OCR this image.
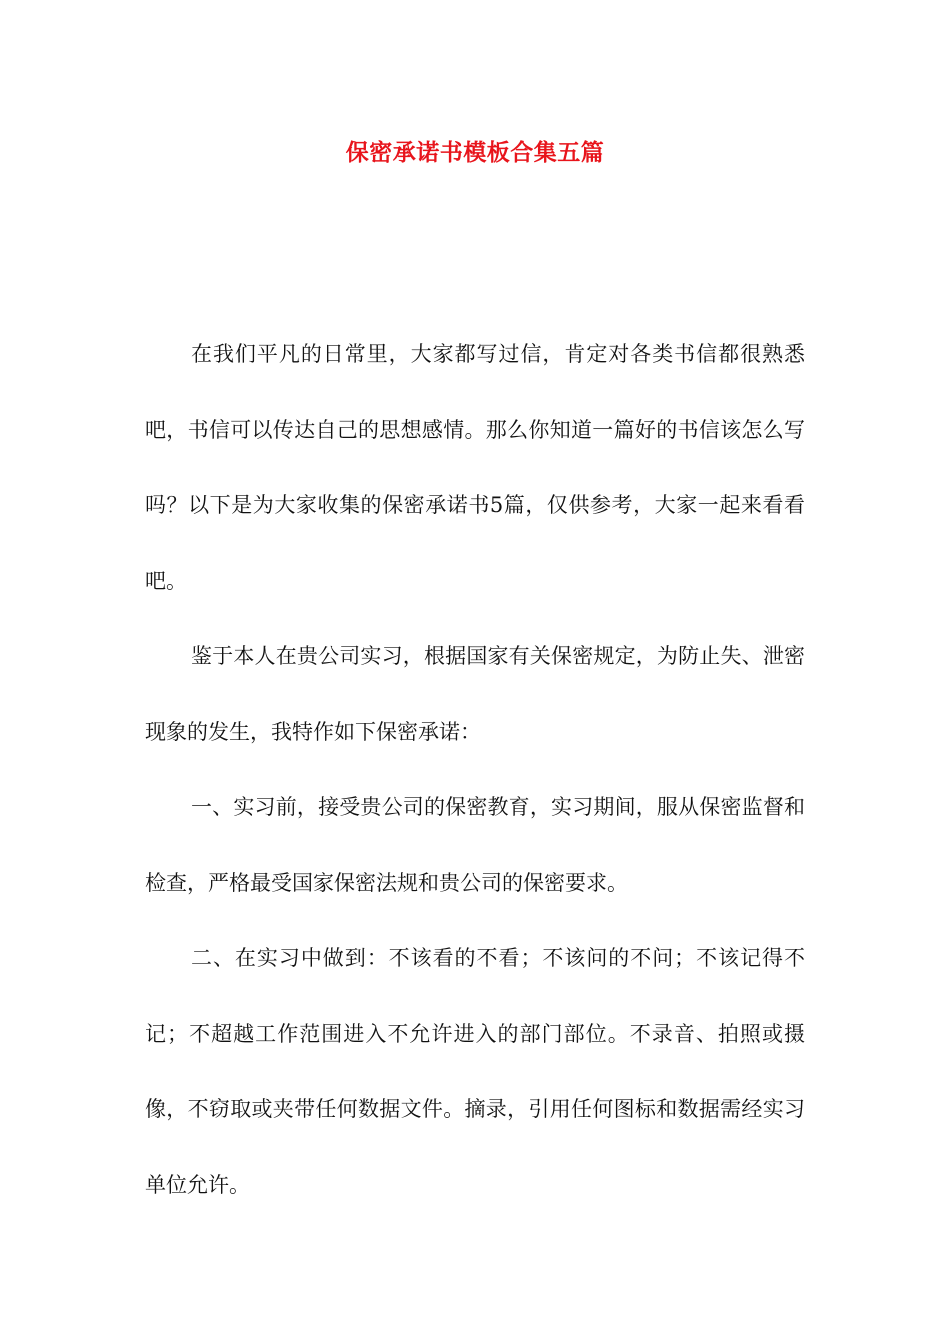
保密承诺书模板合集五篇

在我们平凡的日常里，大家都写过信，肯定对各类书信都很熟悉吧，书信可以传达自己的思想感情。那么你知道一篇好的书信该怎么写吗？以下是为大家收集的保密承诺书5篇，仅供参考，大家一起来看看吧。

鉴于本人在贵公司实习，根据国家有关保密规定，为防止失、泄密现象的发生，我特作如下保密承诺：

一、实习前，接受贵公司的保密教育，实习期间，服从保密监督和检查，严格最受国家保密法规和贵公司的保密要求。

二、在实习中做到：不该看的不看；不该问的不问；不该记得不记；不超越工作范围进入不允许进入的部门部位。不录音、拍照或摄像，不窃取或夹带任何数据文件。摘录，引用任何图标和数据需经实习单位允许。
